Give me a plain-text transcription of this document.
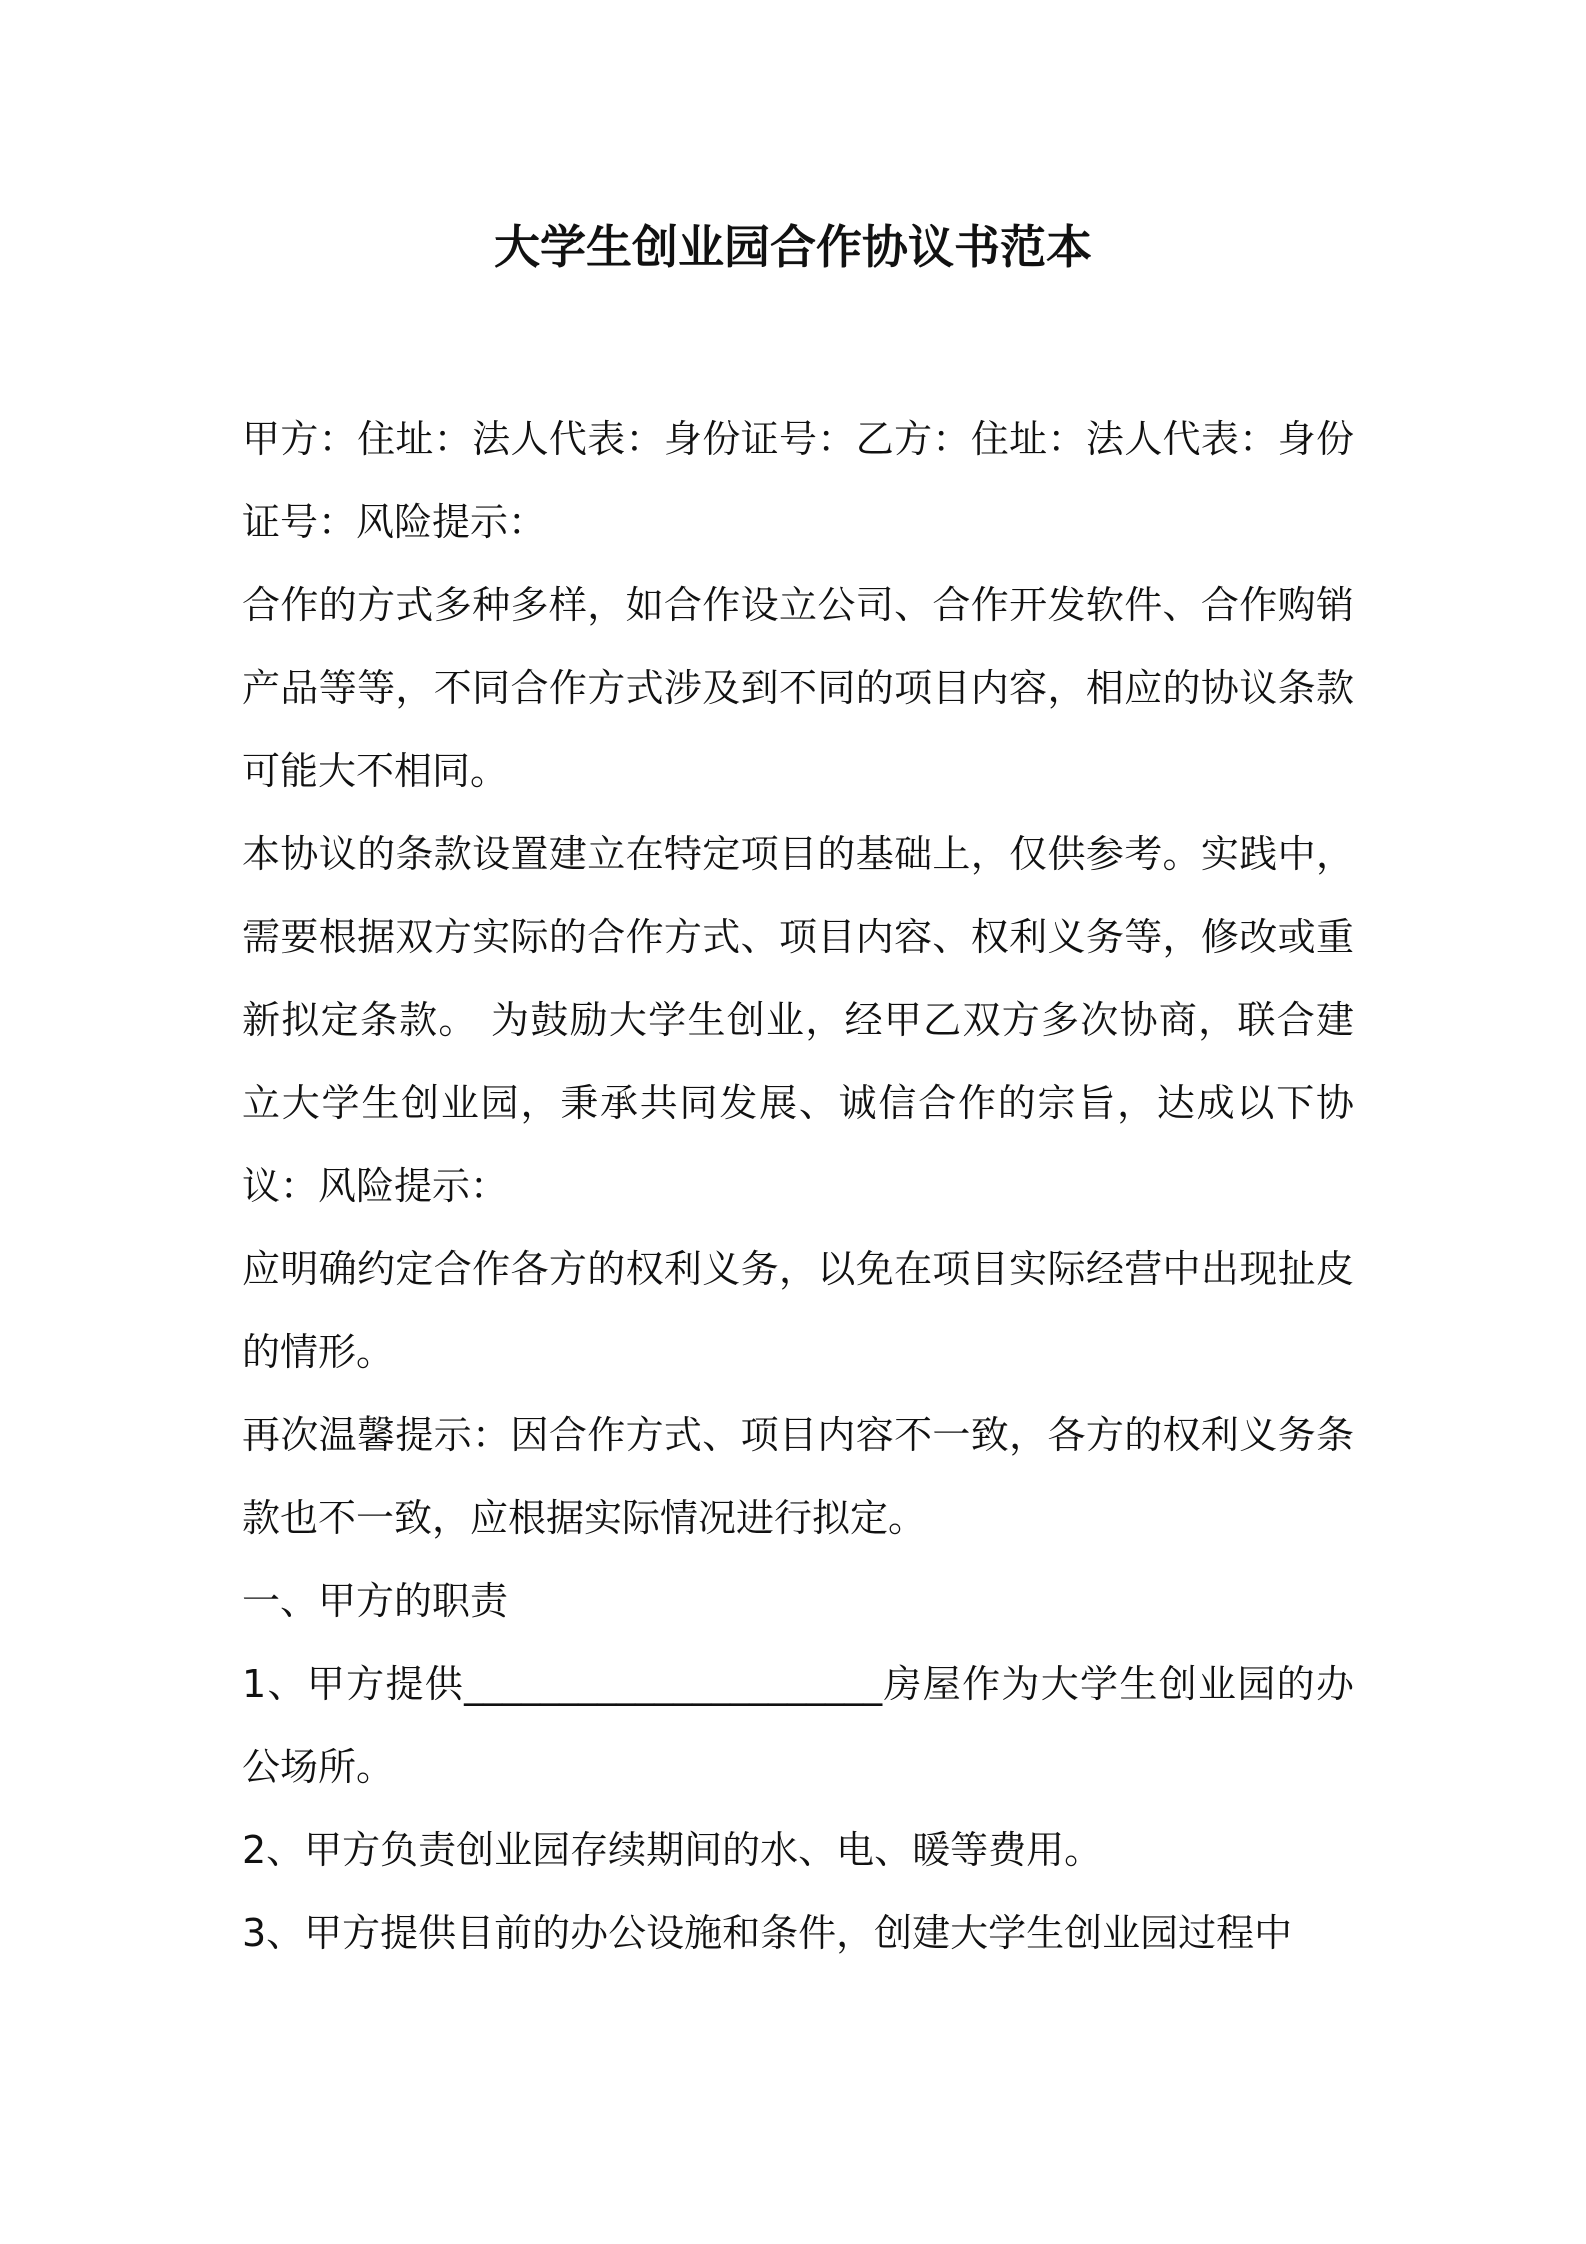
大学生创业园合作协议书范本

甲方：住址：法人代表：身份证号：乙方：住址：法人代表：身份证号：风险提示：

合作的方式多种多样，如合作设立公司、合作开发软件、合作购销产品等等，不同合作方式涉及到不同的项目内容，相应的协议条款可能大不相同。

本协议的条款设置建立在特定项目的基础上，仅供参考。实践中，需要根据双方实际的合作方式、项目内容、权利义务等，修改或重新拟定条款。 为鼓励大学生创业，经甲乙双方多次协商，联合建立大学生创业园，秉承共同发展、诚信合作的宗旨，达成以下协议：风险提示：

应明确约定合作各方的权利义务，以免在项目实际经营中出现扯皮的情形。

再次温馨提示：因合作方式、项目内容不一致，各方的权利义务条款也不一致，应根据实际情况进行拟定。

一、甲方的职责

1、甲方提供______________________房屋作为大学生创业园的办公场所。

2、甲方负责创业园存续期间的水、电、暖等费用。

3、甲方提供目前的办公设施和条件，创建大学生创业园过程中
